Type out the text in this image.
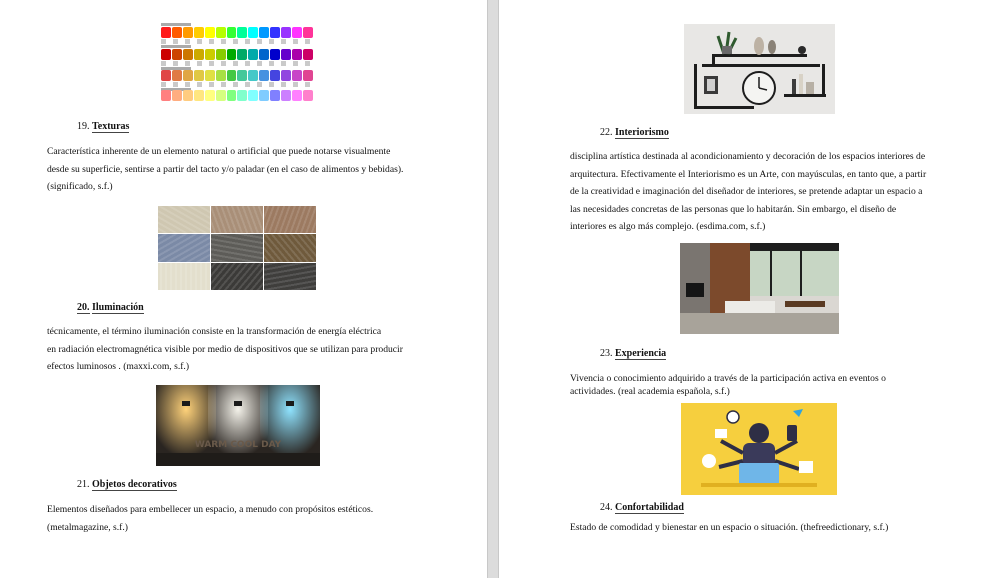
19. Texturas
Característica inherente de un elemento natural o artificial que puede notarse visualmente
desde su superficie, sentirse a partir del tacto y/o paladar (en el caso de alimentos y bebidas).
(significado, s.f.)
20. Iluminación
técnicamente, el término iluminación consiste en la transformación de energía eléctrica
en radiación electromagnética visible por medio de dispositivos que se utilizan para producir
efectos luminosos . (maxxi.com, s.f.)
WARM COOL DAY
21. Objetos decorativos
Elementos diseñados para embellecer un espacio, a menudo con propósitos estéticos.
(metalmagazine, s.f.)
22. Interiorismo
disciplina artística destinada al acondicionamiento y decoración de los espacios interiores de
arquitectura. Efectivamente el Interiorismo es un Arte, con mayúsculas, en tanto que, a partir
de la creatividad e imaginación del diseñador de interiores, se pretende adaptar un espacio a
las necesidades concretas de las personas que lo habitarán. Sin embargo, el diseño de
interiores es algo más complejo. (esdima.com, s.f.)
23. Experiencia
Vivencia o conocimiento adquirido a través de la participación activa en eventos o
actividades. (real academia española, s.f.)
24. Confortabilidad
Estado de comodidad y bienestar en un espacio o situación. (thefreedictionary, s.f.)
